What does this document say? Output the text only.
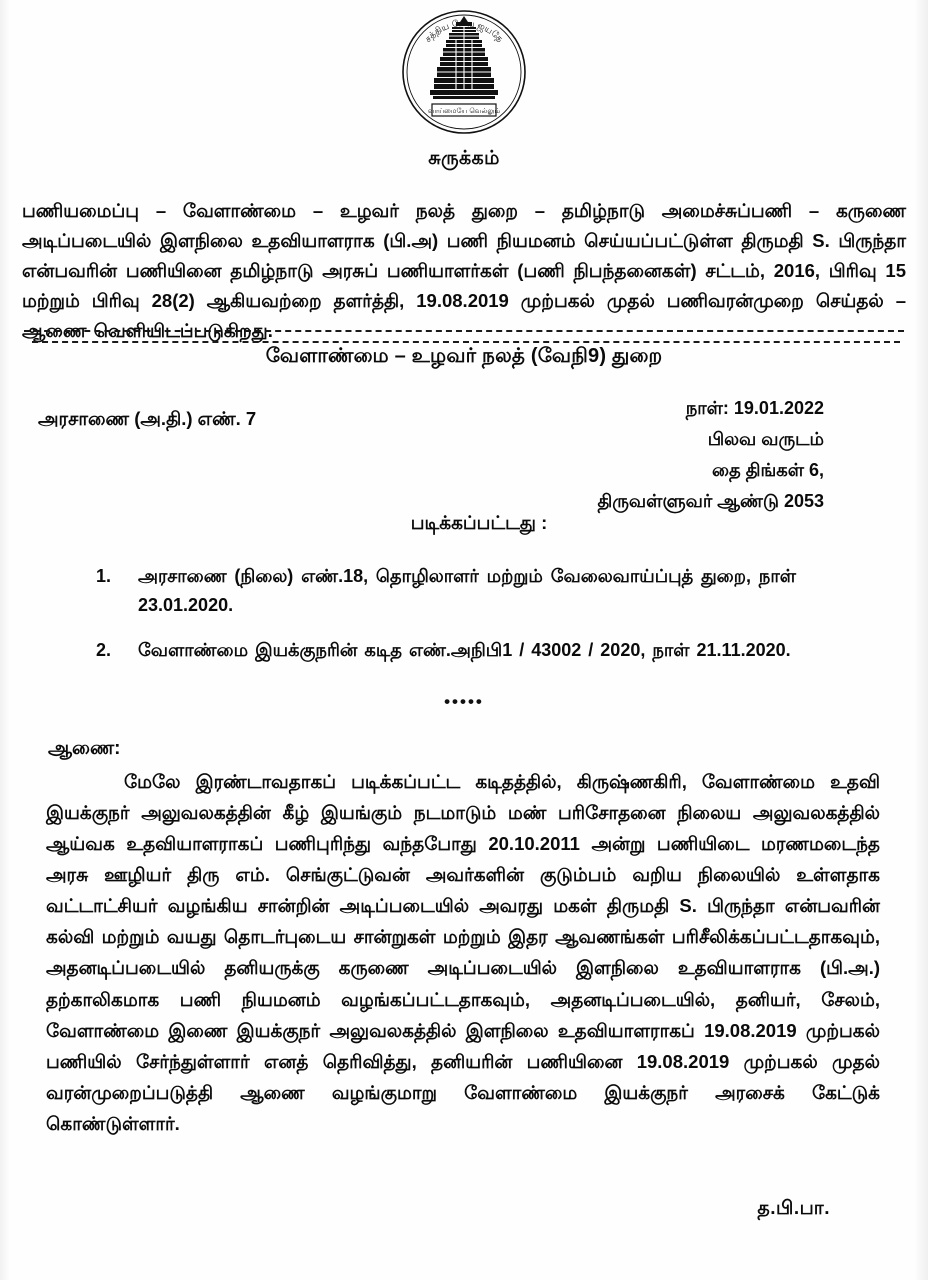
வாய்மையே வெல்லும்
சத்திய மேவ ஜயதே
சுருக்கம்
பணியமைப்பு – வேளாண்மை – உழவர் நலத் துறை – தமிழ்நாடு அமைச்சுப்பணி – கருணை அடிப்படையில் இளநிலை உதவியாளராக (பி.அ) பணி நியமனம் செய்யப்பட்டுள்ள திருமதி S. பிருந்தா என்பவரின் பணியினை தமிழ்நாடு அரசுப் பணியாளர்கள் (பணி நிபந்தனைகள்) சட்டம், 2016, பிரிவு 15 மற்றும் பிரிவு 28(2) ஆகியவற்றை தளர்த்தி, 19.08.2019 முற்பகல் முதல் பணிவரன்முறை செய்தல் – ஆணை வெளியிடப்படுகிறது.
வேளாண்மை – உழவர் நலத் (வேநி9) துறை
அரசாணை (அ.தி.) எண். 7	நாள்: 19.01.2022
பிலவ வருடம்
தை திங்கள் 6,
திருவள்ளுவர் ஆண்டு 2053
படிக்கப்பட்டது :
1.	அரசாணை (நிலை) எண்.18, தொழிலாளர் மற்றும் வேலைவாய்ப்புத் துறை, நாள் 23.01.2020.
2.	வேளாண்மை இயக்குநரின் கடித எண்.அநிபி1 / 43002 / 2020, நாள் 21.11.2020.
•••••
ஆணை:
மேலே இரண்டாவதாகப் படிக்கப்பட்ட கடிதத்தில், கிருஷ்ணகிரி, வேளாண்மை உதவி இயக்குநர் அலுவலகத்தின் கீழ் இயங்கும் நடமாடும் மண் பரிசோதனை நிலைய அலுவலகத்தில் ஆய்வக உதவியாளராகப் பணிபுரிந்து வந்தபோது 20.10.2011 அன்று பணியிடை மரணமடைந்த அரசு ஊழியர் திரு எம். செங்குட்டுவன் அவர்களின் குடும்பம் வறிய நிலையில் உள்ளதாக வட்டாட்சியர் வழங்கிய சான்றின் அடிப்படையில் அவரது மகள் திருமதி S. பிருந்தா என்பவரின் கல்வி மற்றும் வயது தொடர்புடைய சான்றுகள் மற்றும் இதர ஆவணங்கள் பரிசீலிக்கப்பட்டதாகவும், அதனடிப்படையில் தனியருக்கு கருணை அடிப்படையில் இளநிலை உதவியாளராக (பி.அ.) தற்காலிகமாக பணி நியமனம் வழங்கப்பட்டதாகவும், அதனடிப்படையில், தனியர், சேலம், வேளாண்மை இணை இயக்குநர் அலுவலகத்தில் இளநிலை உதவியாளராகப் 19.08.2019 முற்பகல் பணியில் சேர்ந்துள்ளார் எனத் தெரிவித்து, தனியரின் பணியினை 19.08.2019 முற்பகல் முதல் வரன்முறைப்படுத்தி ஆணை வழங்குமாறு வேளாண்மை இயக்குநர் அரசைக் கேட்டுக் கொண்டுள்ளார்.
த.பி.பா.
